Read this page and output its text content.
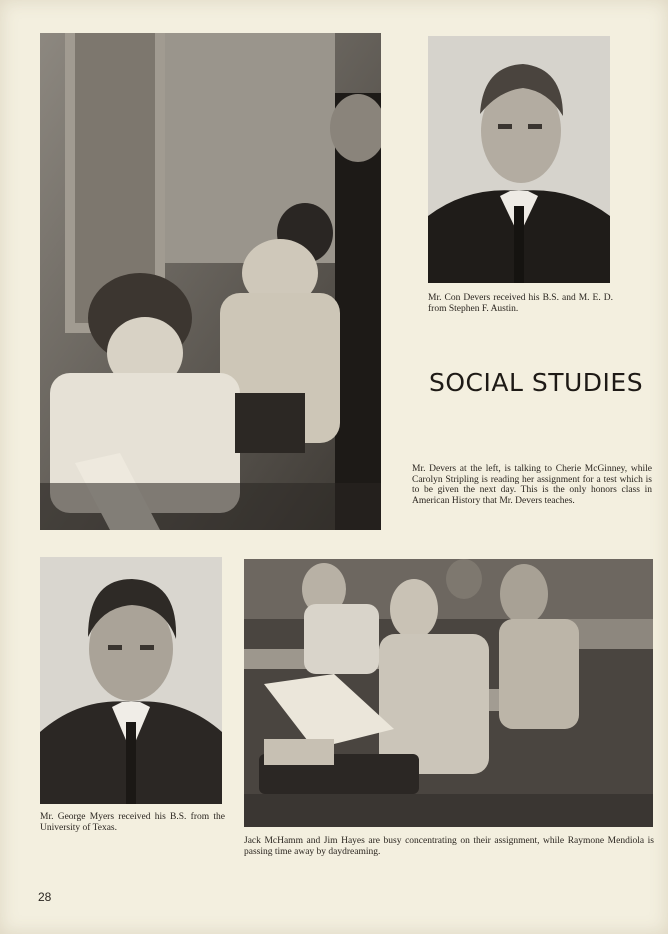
Mr. Con Devers received his B.S. and M. E. D. from Stephen F. Austin.
SOCIAL STUDIES
Mr. Devers at the left, is talking to Cherie McGinney, while Carolyn Stripling is reading her assignment for a test which is to be given the next day. This is the only honors class in American History that Mr. Devers teaches.
Mr. George Myers received his B.S. from the University of Texas.
Jack McHamm and Jim Hayes are busy concentrating on their assignment, while Raymone Mendiola is passing time away by daydreaming.
28
